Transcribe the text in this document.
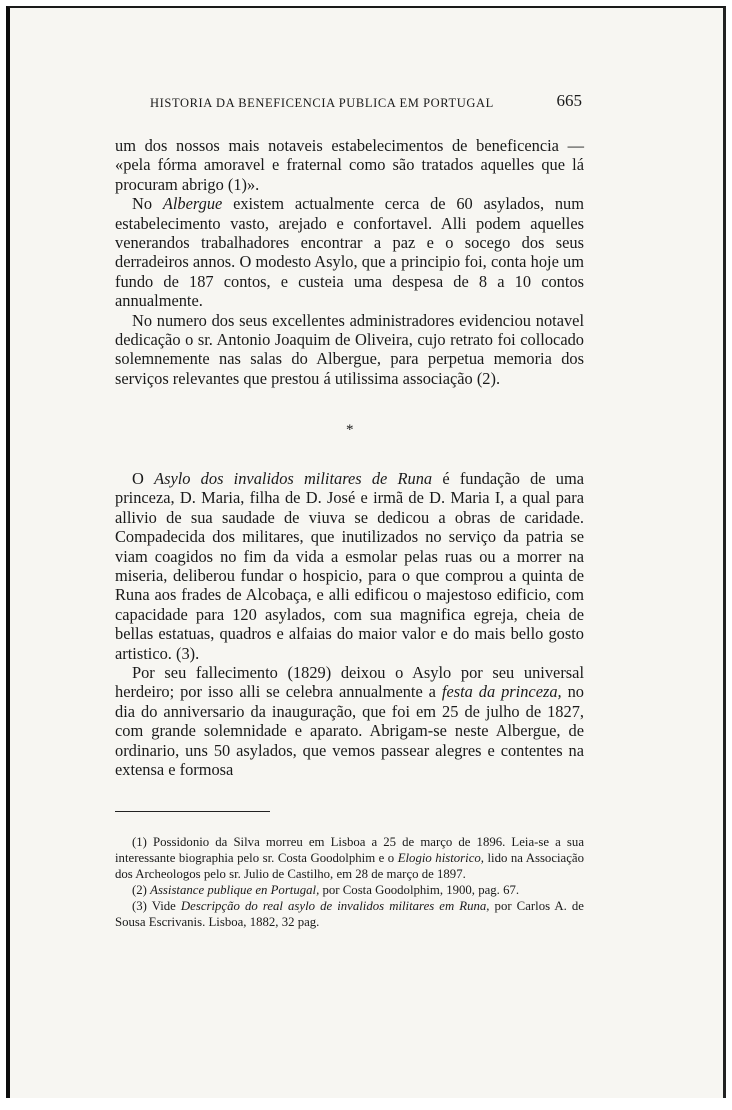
HISTORIA DA BENEFICENCIA PUBLICA EM PORTUGAL	665

um dos nossos mais notaveis estabelecimentos de beneficencia — «pela fórma amoravel e fraternal como são tratados aquelles que lá procuram abrigo (1)».

No Albergue existem actualmente cerca de 60 asylados, num estabelecimento vasto, arejado e confortavel. Alli podem aquelles venerandos trabalhadores encontrar a paz e o socego dos seus derradeiros annos. O modesto Asylo, que a principio foi, conta hoje um fundo de 187 contos, e custeia uma despesa de 8 a 10 contos annualmente.

No numero dos seus excellentes administradores evidenciou notavel dedicação o sr. Antonio Joaquim de Oliveira, cujo retrato foi collocado solemnemente nas salas do Albergue, para perpetua memoria dos serviços relevantes que prestou á utilissima associação (2).

*

O Asylo dos invalidos militares de Runa é fundação de uma princeza, D. Maria, filha de D. José e irmã de D. Maria I, a qual para allivio de sua saudade de viuva se dedicou a obras de caridade. Compadecida dos militares, que inutilizados no serviço da patria se viam coagidos no fim da vida a esmolar pelas ruas ou a morrer na miseria, deliberou fundar o hospicio, para o que comprou a quinta de Runa aos frades de Alcobaça, e alli edificou o majestoso edificio, com capacidade para 120 asylados, com sua magnifica egreja, cheia de bellas estatuas, quadros e alfaias do maior valor e do mais bello gosto artistico. (3).

Por seu fallecimento (1829) deixou o Asylo por seu universal herdeiro; por isso alli se celebra annualmente a festa da princeza, no dia do anniversario da inauguração, que foi em 25 de julho de 1827, com grande solemnidade e aparato. Abrigam-se neste Albergue, de ordinario, uns 50 asylados, que vemos passear alegres e contentes na extensa e formosa

(1) Possidonio da Silva morreu em Lisboa a 25 de março de 1896. Leia-se a sua interessante biographia pelo sr. Costa Goodolphim e o Elogio historico, lido na Associação dos Archeologos pelo sr. Julio de Castilho, em 28 de março de 1897.

(2) Assistance publique en Portugal, por Costa Goodolphim, 1900, pag. 67.

(3) Vide Descripção do real asylo de invalidos militares em Runa, por Carlos A. de Sousa Escrivanis. Lisboa, 1882, 32 pag.
